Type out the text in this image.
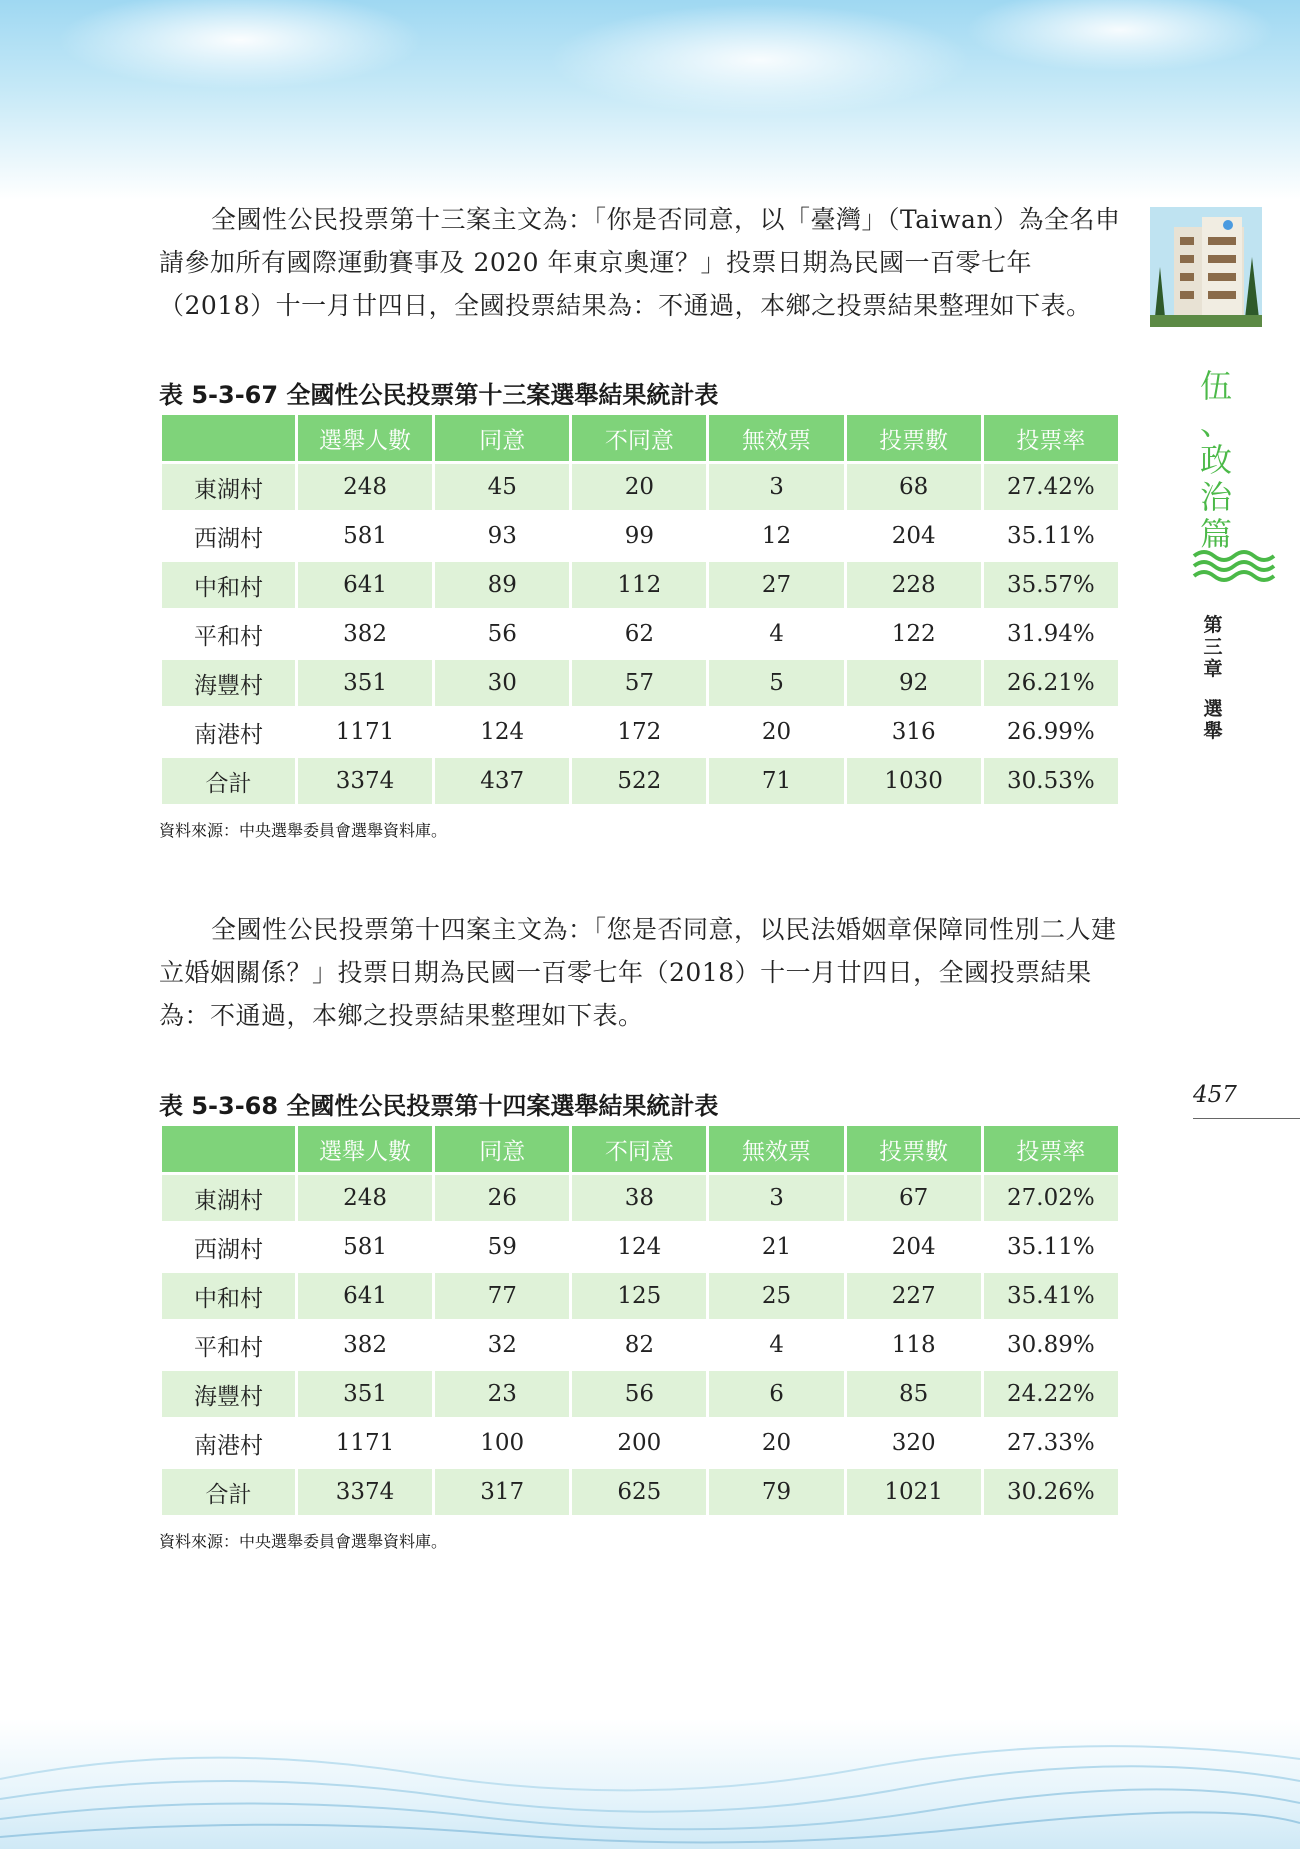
全國性公民投票第十三案主文為：「你是否同意，以「臺灣」（Taiwan）為全名申請參加所有國際運動賽事及 2020 年東京奧運？」投票日期為民國一百零七年（2018）十一月廿四日，全國投票結果為：不通過，本鄉之投票結果整理如下表。

表 5-3-67 全國性公民投票第十三案選舉結果統計表
	選舉人數	同意	不同意	無效票	投票數	投票率
東湖村	248	45	20	3	68	27.42%
西湖村	581	93	99	12	204	35.11%
中和村	641	89	112	27	228	35.57%
平和村	382	56	62	4	122	31.94%
海豐村	351	30	57	5	92	26.21%
南港村	1171	124	172	20	316	26.99%
合計	3374	437	522	71	1030	30.53%
資料來源：中央選舉委員會選舉資料庫。

全國性公民投票第十四案主文為：「您是否同意，以民法婚姻章保障同性別二人建立婚姻關係？」投票日期為民國一百零七年（2018）十一月廿四日，全國投票結果為：不通過，本鄉之投票結果整理如下表。

表 5-3-68 全國性公民投票第十四案選舉結果統計表
	選舉人數	同意	不同意	無效票	投票數	投票率
東湖村	248	26	38	3	67	27.02%
西湖村	581	59	124	21	204	35.11%
中和村	641	77	125	25	227	35.41%
平和村	382	32	82	4	118	30.89%
海豐村	351	23	56	6	85	24.22%
南港村	1171	100	200	20	320	27.33%
合計	3374	317	625	79	1021	30.26%
資料來源：中央選舉委員會選舉資料庫。
伍
、
政
治
篇
第
三
章
選
舉
457
